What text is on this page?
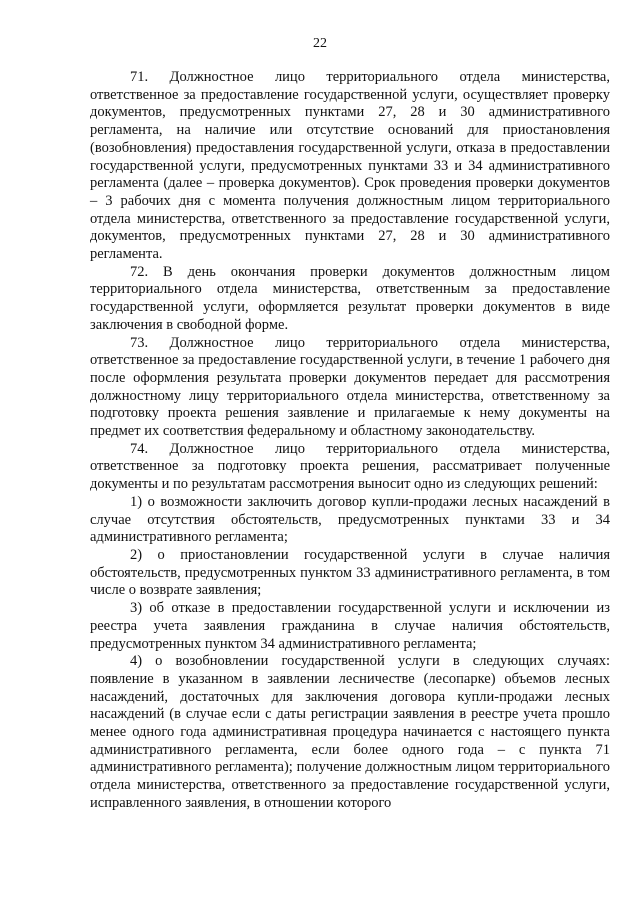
22

71. Должностное лицо территориального отдела министерства, ответственное за предоставление государственной услуги, осуществляет проверку документов, предусмотренных пунктами 27, 28 и 30 административного регламента, на наличие или отсутствие оснований для приостановления (возобновления) предоставления государственной услуги, отказа в предоставлении государственной услуги, предусмотренных пунктами 33 и 34 административного регламента (далее – проверка документов). Срок проведения проверки документов – 3 рабочих дня с момента получения должностным лицом территориального отдела министерства, ответственного за предоставление государственной услуги, документов, предусмотренных пунктами 27, 28 и 30 административного регламента.

72. В день окончания проверки документов должностным лицом территориального отдела министерства, ответственным за предоставление государственной услуги, оформляется результат проверки документов в виде заключения в свободной форме.

73. Должностное лицо территориального отдела министерства, ответственное за предоставление государственной услуги, в течение 1 рабочего дня после оформления результата проверки документов передает для рассмотрения должностному лицу территориального отдела министерства, ответственному за подготовку проекта решения заявление и прилагаемые к нему документы на предмет их соответствия федеральному и областному законодательству.

74. Должностное лицо территориального отдела министерства, ответственное за подготовку проекта решения, рассматривает полученные документы и по результатам рассмотрения выносит одно из следующих решений:

1) о возможности заключить договор купли-продажи лесных насаждений в случае отсутствия обстоятельств, предусмотренных пунктами 33 и 34 административного регламента;

2) о приостановлении государственной услуги в случае наличия обстоятельств, предусмотренных пунктом 33 административного регламента, в том числе о возврате заявления;

3) об отказе в предоставлении государственной услуги и исключении из реестра учета заявления гражданина в случае наличия обстоятельств, предусмотренных пунктом 34 административного регламента;

4) о возобновлении государственной услуги в следующих случаях: появление в указанном в заявлении лесничестве (лесопарке) объемов лесных насаждений, достаточных для заключения договора купли-продажи лесных насаждений (в случае если с даты регистрации заявления в реестре учета прошло менее одного года административная процедура начинается с настоящего пункта административного регламента, если более одного года – с пункта 71 административного регламента); получение должностным лицом территориального отдела министерства, ответственного за предоставление государственной услуги, исправленного заявления, в отношении которого
